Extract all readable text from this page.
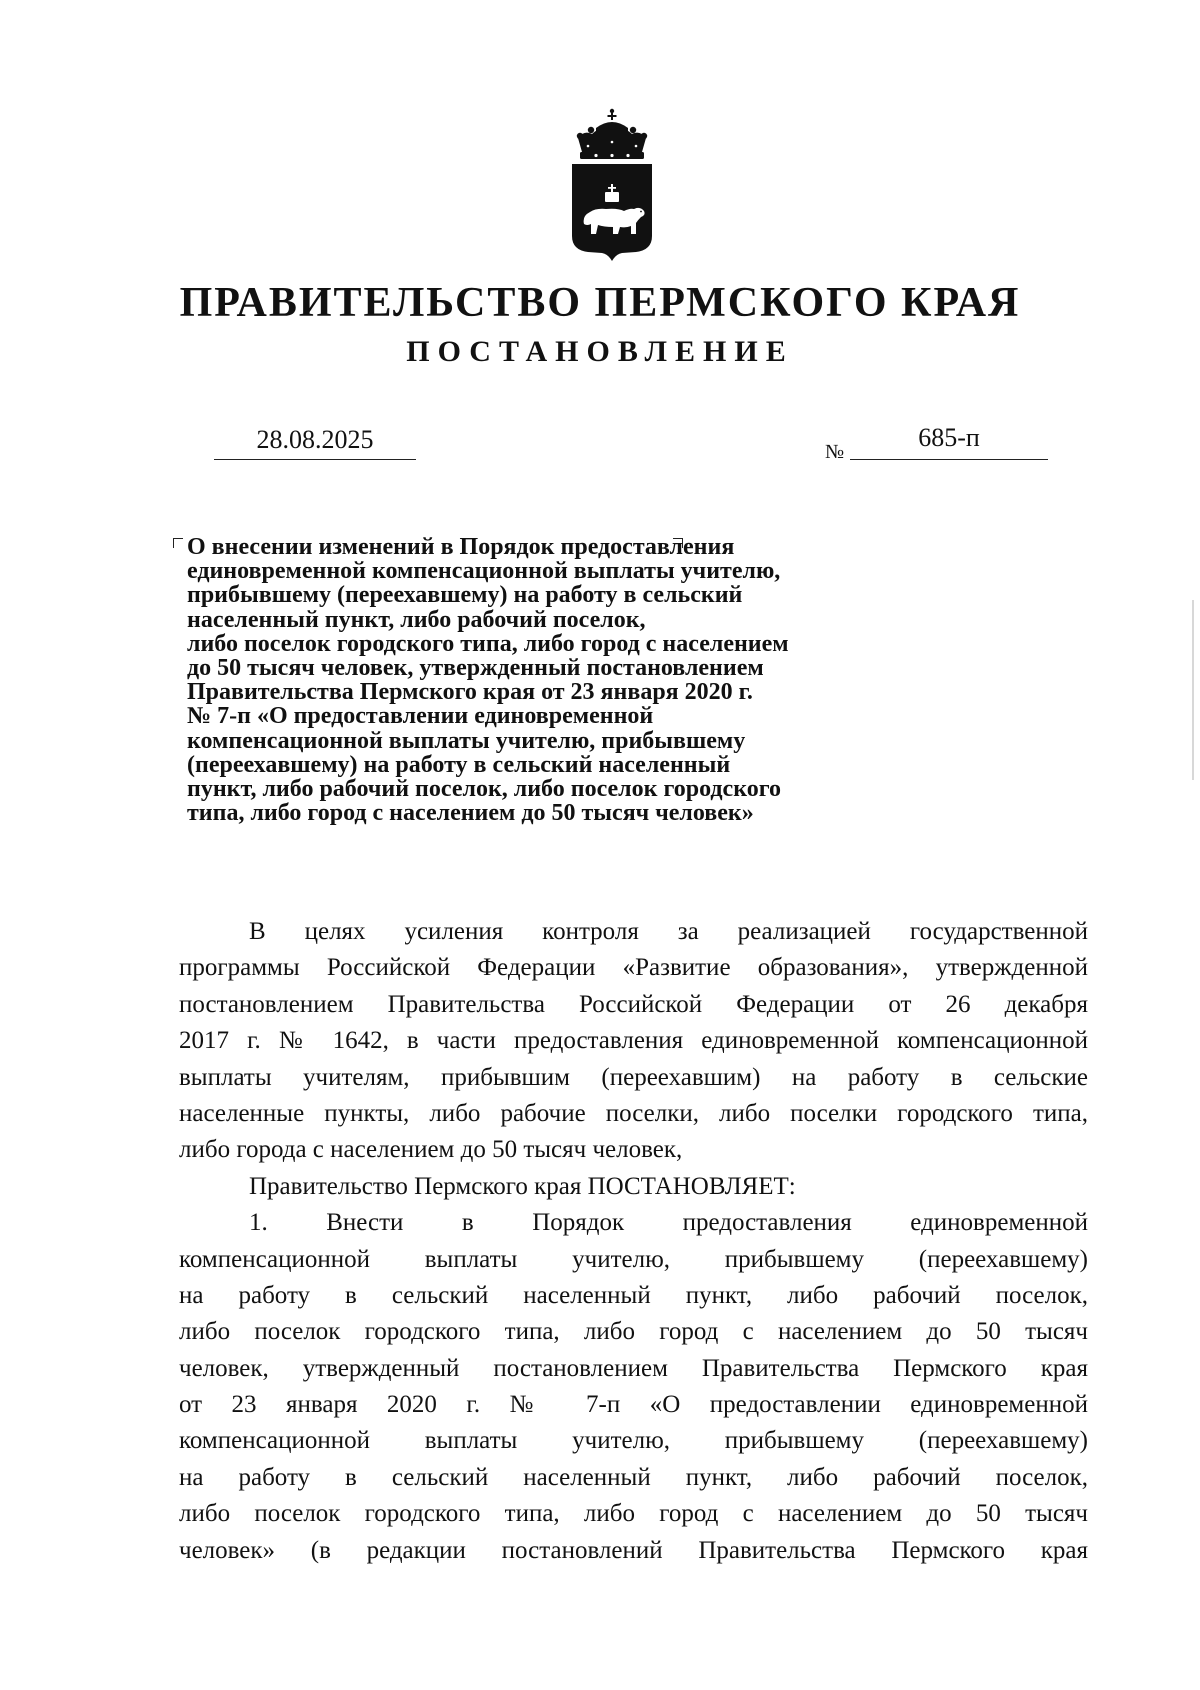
ПРАВИТЕЛЬСТВО ПЕРМСКОГО КРАЯ
ПОСТАНОВЛЕНИЕ
28.08.2025	№	685-п
О внесении изменений в Порядок предоставления
единовременной компенсационной выплаты учителю,
прибывшему (переехавшему) на работу в сельский
населенный пункт, либо рабочий поселок,
либо поселок городского типа, либо город с населением
до 50 тысяч человек, утвержденный постановлением
Правительства Пермского края от 23 января 2020 г.
№ 7-п «О предоставлении единовременной
компенсационной выплаты учителю, прибывшему
(переехавшему) на работу в сельский населенный
пункт, либо рабочий поселок, либо поселок городского
типа, либо город с населением до 50 тысяч человек»
В целях усиления контроля за реализацией государственной
программы Российской Федерации «Развитие образования», утвержденной
постановлением Правительства Российской Федерации от 26 декабря
2017 г. № 1642, в части предоставления единовременной компенсационной
выплаты учителям, прибывшим (переехавшим) на работу в сельские
населенные пункты, либо рабочие поселки, либо поселки городского типа,
либо города с населением до 50 тысяч человек,
Правительство Пермского края ПОСТАНОВЛЯЕТ:
1. Внести в Порядок предоставления единовременной
компенсационной выплаты учителю, прибывшему (переехавшему)
на работу в сельский населенный пункт, либо рабочий поселок,
либо поселок городского типа, либо город с населением до 50 тысяч
человек, утвержденный постановлением Правительства Пермского края
от 23 января 2020 г. № 7-п «О предоставлении единовременной
компенсационной выплаты учителю, прибывшему (переехавшему)
на работу в сельский населенный пункт, либо рабочий поселок,
либо поселок городского типа, либо город с населением до 50 тысяч
человек» (в редакции постановлений Правительства Пермского края
